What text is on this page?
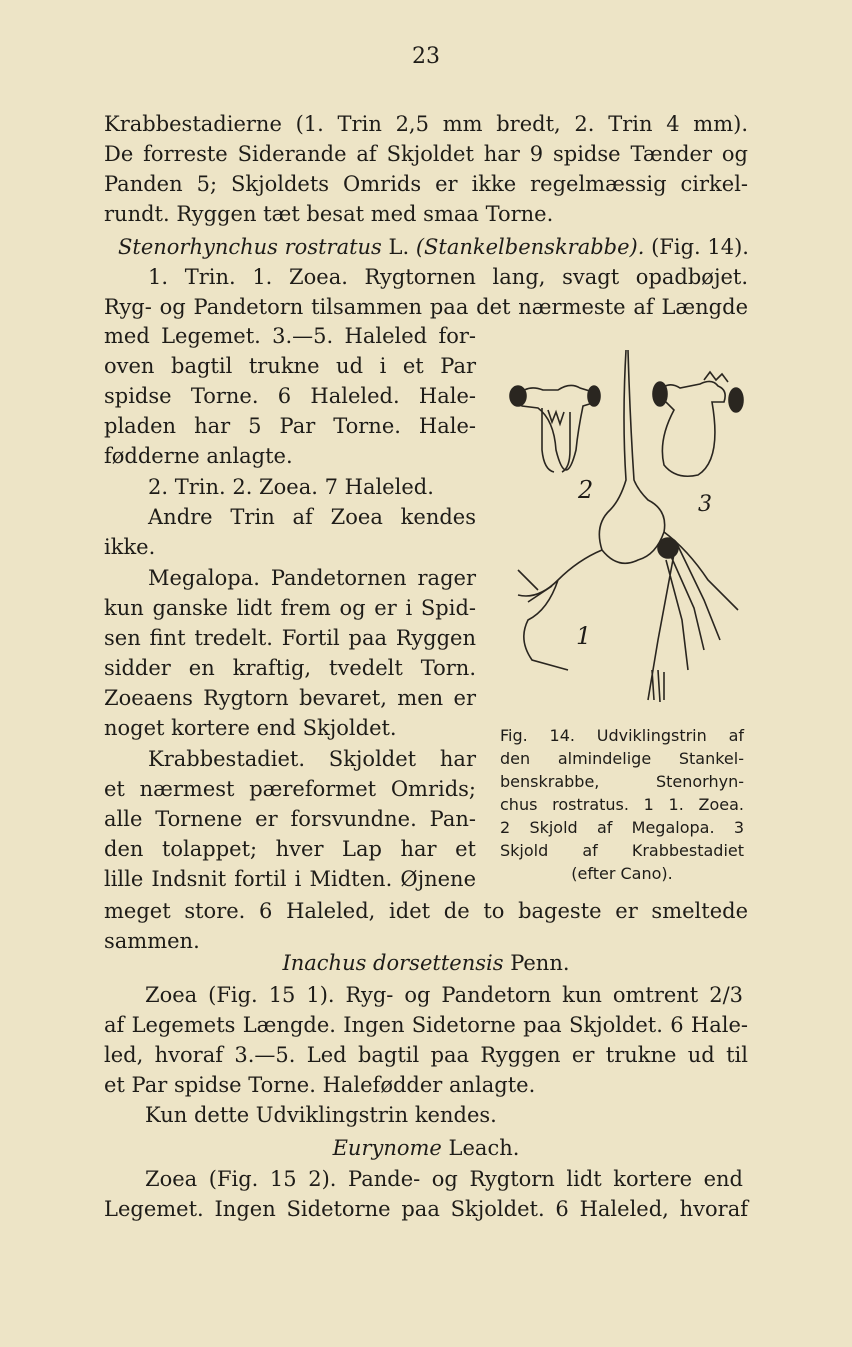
23
Krabbestadierne (1. Trin 2,5 mm bredt, 2. Trin 4 mm).
De forreste Siderande af Skjoldet har 9 spidse Tænder og
Panden 5; Skjoldets Omrids er ikke regelmæssig cirkel-
rundt. Ryggen tæt besat med smaa Torne.
Stenorhynchus rostratus L. (Stankelbenskrabbe). (Fig. 14).
1. Trin. 1. Zoea. Rygtornen lang, svagt opadbøjet.
Ryg- og Pandetorn tilsammen paa det nærmeste af Længde
med Legemet. 3.—5. Haleled for-
oven bagtil trukne ud i et Par
spidse Torne. 6 Haleled. Hale-
pladen har 5 Par Torne. Hale-
fødderne anlagte.
2. Trin. 2. Zoea. 7 Haleled.
Andre Trin af Zoea kendes
ikke.
Megalopa. Pandetornen rager
kun ganske lidt frem og er i Spid-
sen fint tredelt. Fortil paa Ryggen
sidder en kraftig, tvedelt Torn.
Zoeaens Rygtorn bevaret, men er
noget kortere end Skjoldet.
Krabbestadiet. Skjoldet har
et nærmest pæreformet Omrids;
alle Tornene er forsvundne. Pan-
den tolappet; hver Lap har et
lille Indsnit fortil i Midten. Øjnene
meget store. 6 Haleled, idet de to bageste er smeltede
sammen.
Inachus dorsettensis Penn.
Zoea (Fig. 15 1). Ryg- og Pandetorn kun omtrent 2/3
af Legemets Længde. Ingen Sidetorne paa Skjoldet. 6 Hale-
led, hvoraf 3.—5. Led bagtil paa Ryggen er trukne ud til
et Par spidse Torne. Halefødder anlagte.
Kun dette Udviklingstrin kendes.
Eurynome Leach.
Zoea (Fig. 15 2). Pande- og Rygtorn lidt kortere end
Legemet. Ingen Sidetorne paa Skjoldet. 6 Haleled, hvoraf
1
2
3
Fig. 14. Udviklingstrin af
den almindelige Stankel-
benskrabbe, Stenorhyn-
chus rostratus. 1 1. Zoea.
2 Skjold af Megalopa. 3
Skjold af Krabbestadiet
(efter Cano).
